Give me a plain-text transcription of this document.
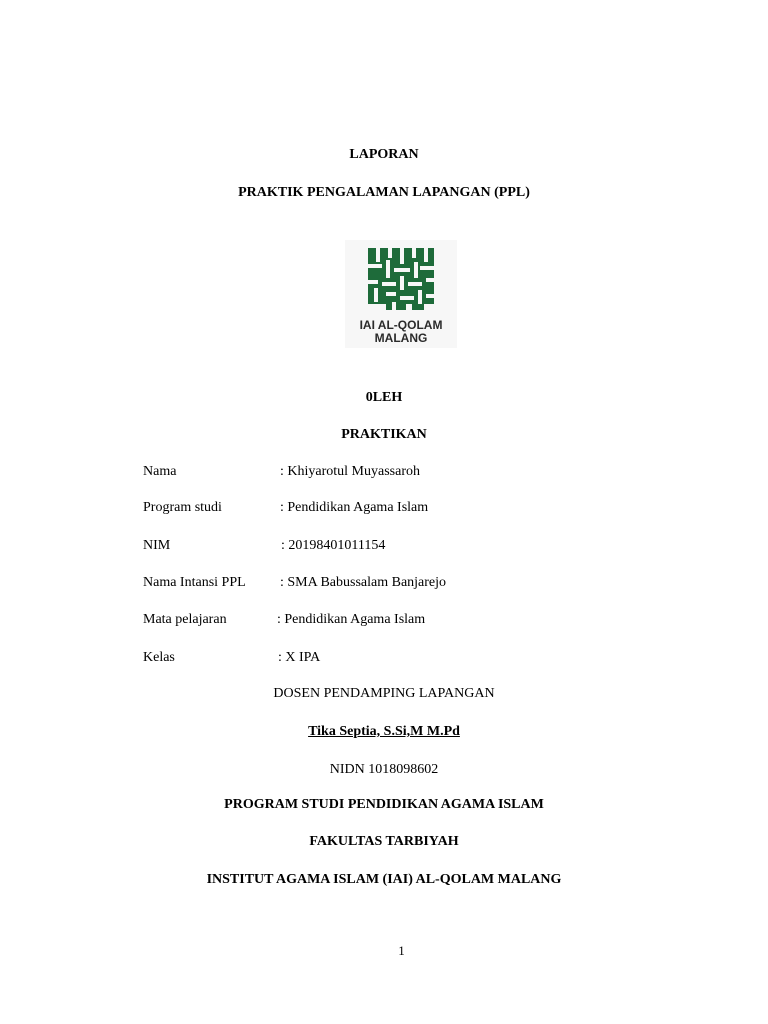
LAPORAN
PRAKTIK PENGALAMAN LAPANGAN (PPL)
IAI AL-QOLAM
MALANG
0LEH
PRAKTIKAN
Nama	: Khiyarotul Muyassaroh
Program studi	: Pendidikan Agama Islam
NIM	: 20198401011154
Nama Intansi PPL : SMA Babussalam Banjarejo
Mata pelajaran	: Pendidikan Agama Islam
Kelas	: X IPA
DOSEN PENDAMPING LAPANGAN
Tika Septia, S.Si,M M.Pd
NIDN 1018098602
PROGRAM STUDI PENDIDIKAN AGAMA ISLAM
FAKULTAS TARBIYAH
INSTITUT AGAMA ISLAM (IAI) AL-QOLAM MALANG
1
